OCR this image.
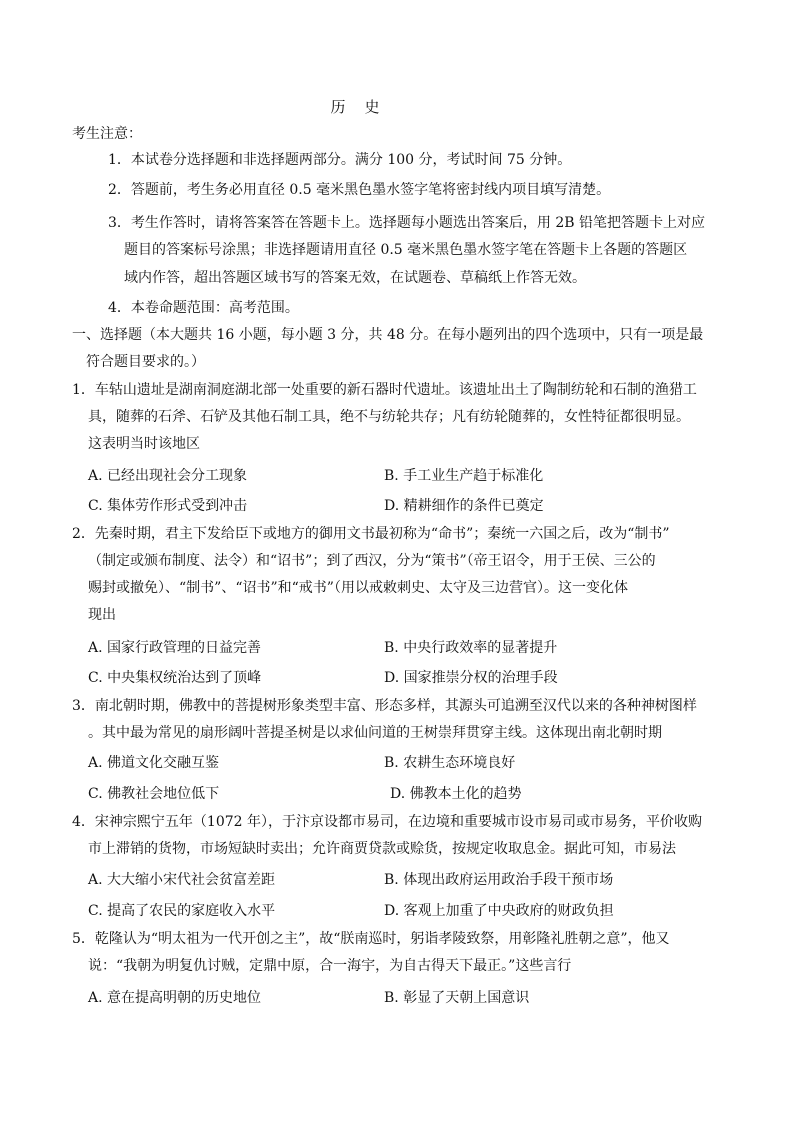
历　史
考生注意：
1．本试卷分选择题和非选择题两部分。满分 100 分，考试时间 75 分钟。
2．答题前，考生务必用直径 0.5 毫米黑色墨水签字笔将密封线内项目填写清楚。
3．考生作答时，请将答案答在答题卡上。选择题每小题选出答案后，用 2B 铅笔把答题卡上对应
题目的答案标号涂黑；非选择题请用直径 0.5 毫米黑色墨水签字笔在答题卡上各题的答题区
域内作答，超出答题区域书写的答案无效，在试题卷、草稿纸上作答无效。
4．本卷命题范围：高考范围。
一、选择题（本大题共 16 小题，每小题 3 分，共 48 分。在每小题列出的四个选项中，只有一项是最
符合题目要求的。）
1．车轱山遗址是湖南洞庭湖北部一处重要的新石器时代遗址。该遗址出土了陶制纺轮和石制的渔猎工
具，随葬的石斧、石铲及其他石制工具，绝不与纺轮共存；凡有纺轮随葬的，女性特征都很明显。
这表明当时该地区
A. 已经出现社会分工现象	B. 手工业生产趋于标准化
C. 集体劳作形式受到冲击	D. 精耕细作的条件已奠定
2．先秦时期，君主下发给臣下或地方的御用文书最初称为“命书”；秦统一六国之后，改为“制书”
（制定或颁布制度、法令）和“诏书”；到了西汉，分为“策书”（帝王诏令，用于王侯、三公的
赐封或撤免）、“制书”、“诏书”和“戒书”（用以戒敕刺史、太守及三边营官）。这一变化体
现出
A. 国家行政管理的日益完善	B. 中央行政效率的显著提升
C. 中央集权统治达到了顶峰	D. 国家推崇分权的治理手段
3．南北朝时期，佛教中的菩提树形象类型丰富、形态多样，其源头可追溯至汉代以来的各种神树图样
。其中最为常见的扇形阔叶菩提圣树是以求仙问道的王树崇拜贯穿主线。这体现出南北朝时期
A. 佛道文化交融互鉴	B. 农耕生态环境良好
C. 佛教社会地位低下	D. 佛教本土化的趋势
4．宋神宗熙宁五年（1072 年），于汴京设都市易司，在边境和重要城市设市易司或市易务，平价收购
市上滞销的货物，市场短缺时卖出；允许商贾贷款或赊货，按规定收取息金。据此可知，市易法
A. 大大缩小宋代社会贫富差距	B. 体现出政府运用政治手段干预市场
C. 提高了农民的家庭收入水平	D. 客观上加重了中央政府的财政负担
5．乾隆认为“明太祖为一代开创之主”，故“朕南巡时，躬诣孝陵致祭，用彰隆礼胜朝之意”，他又
说：“我朝为明复仇讨贼，定鼎中原，合一海宇，为自古得天下最正。”这些言行
A. 意在提高明朝的历史地位	B. 彰显了天朝上国意识
